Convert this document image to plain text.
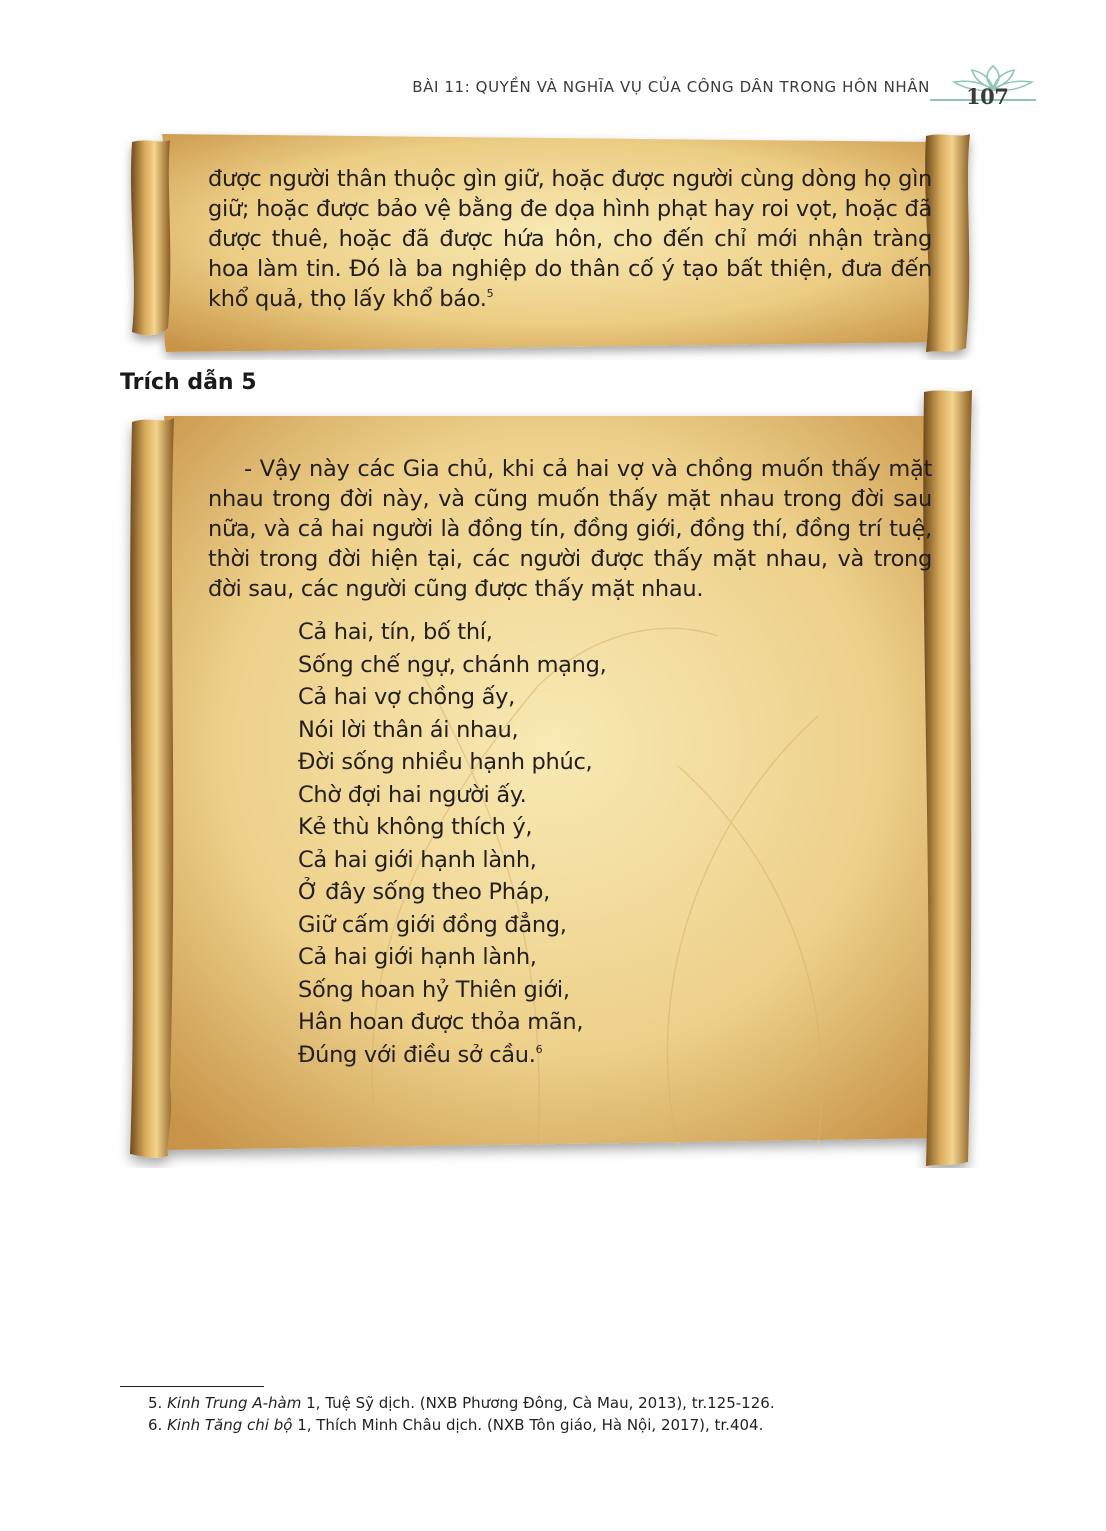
BÀI 11: QUYỀN VÀ NGHĨA VỤ CỦA CÔNG DÂN TRONG HÔN NHÂN 107

được người thân thuộc gìn giữ, hoặc được người cùng dòng họ gìn giữ; hoặc được bảo vệ bằng đe dọa hình phạt hay roi vọt, hoặc đã được thuê, hoặc đã được hứa hôn, cho đến chỉ mới nhận tràng hoa làm tin. Đó là ba nghiệp do thân cố ý tạo bất thiện, đưa đến khổ quả, thọ lấy khổ báo.$^5$

Trích dẫn 5

- Vậy này các Gia chủ, khi cả hai vợ và chồng muốn thấy mặt nhau trong đời này, và cũng muốn thấy mặt nhau trong đời sau nữa, và cả hai người là đồng tín, đồng giới, đồng thí, đồng trí tuệ, thời trong đời hiện tại, các người được thấy mặt nhau, và trong đời sau, các người cũng được thấy mặt nhau.

Cả hai, tín, bố thí,
Sống chế ngự, chánh mạng,
Cả hai vợ chồng ấy,
Nói lời thân ái nhau,
Đời sống nhiều hạnh phúc,
Chờ đợi hai người ấy.
Kẻ thù không thích ý,
Cả hai giới hạnh lành,
Ở đây sống theo Pháp,
Giữ cấm giới đồng đẳng,
Cả hai giới hạnh lành,
Sống hoan hỷ Thiên giới,
Hân hoan được thỏa mãn,
Đúng với điều sở cầu.$^6$
5. Kinh Trung A-hàm 1, Tuệ Sỹ dịch. (NXB Phương Đông, Cà Mau, 2013), tr.125-126.
6. Kinh Tăng chi bộ 1, Thích Minh Châu dịch. (NXB Tôn giáo, Hà Nội, 2017), tr.404.
